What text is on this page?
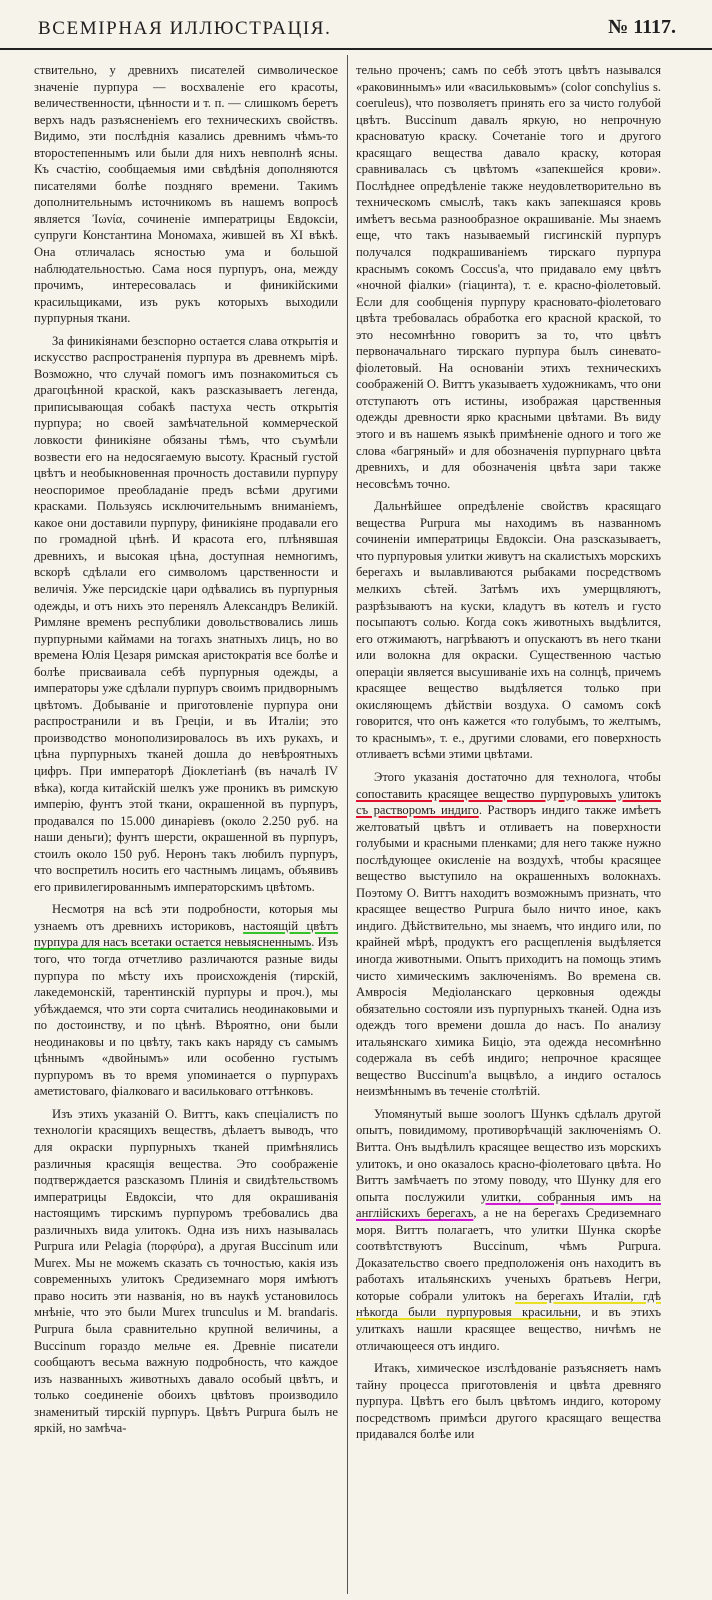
ВСЕМІРНАЯ ИЛЛЮСТРАЦІЯ.	№ 1117.

ствительно, у древнихъ писателей символическое значеніе пурпура — восхваленіе его красоты, величественности, цѣнности и т. п. — слишкомъ беретъ верхъ надъ разъясненіемъ его техническихъ свойствъ. Видимо, эти послѣднія казались древнимъ чѣмъ-то второстепеннымъ или были для нихъ невполнѣ ясны. Къ счастію, сообщаемыя ими свѣдѣнія дополняются писателями болѣе поздняго времени. Такимъ дополнительнымъ источникомъ въ нашемъ вопросѣ является Ἰωνία, сочиненіе императрицы Евдоксіи, супруги Константина Мономаха, жившей въ XI вѣкѣ. Она отличалась ясностью ума и большой наблюдательностью. Сама нося пурпуръ, она, между прочимъ, интересовалась и финикійскими красильщиками, изъ рукъ которыхъ выходили пурпурныя ткани.

За финикіянами безспорно остается слава открытія и искусство распространенія пурпура въ древнемъ мірѣ. Возможно, что случай помогъ имъ познакомиться съ драгоцѣнной краской, какъ разсказываетъ легенда, приписывающая собакѣ пастуха честь открытія пурпура; но своей замѣчательной коммерческой ловкости финикіяне обязаны тѣмъ, что съумѣли возвести его на недосягаемую высоту. Красный густой цвѣтъ и необыкновенная прочность доставили пурпуру неоспоримое преобладаніе предъ всѣми другими красками. Пользуясь исключительнымъ вниманіемъ, какое они доставили пурпуру, финикіяне продавали его по громадной цѣнѣ. И красота его, плѣнявшая древнихъ, и высокая цѣна, доступная немногимъ, вскорѣ сдѣлали его символомъ царственности и величія. Уже персидскіе цари одѣвались въ пурпурныя одежды, и отъ нихъ это перенялъ Александръ Великій. Римляне временъ республики довольствовались лишь пурпурными каймами на тогахъ знатныхъ лицъ, но во времена Юлія Цезаря римская аристократія все болѣе и болѣе присваивала себѣ пурпурныя одежды, а императоры уже сдѣлали пурпуръ своимъ придворнымъ цвѣтомъ. Добываніе и приготовленіе пурпура они распространили и въ Греціи, и въ Италіи; это производство монополизировалось въ ихъ рукахъ, и цѣна пурпурныхъ тканей дошла до невѣроятныхъ цифръ. При императорѣ Діоклетіанѣ (въ началѣ IV вѣка), когда китайскій шелкъ уже проникъ въ римскую имперію, фунтъ этой ткани, окрашенной въ пурпуръ, продавался по 15.000 динаріевъ (около 2.250 руб. на наши деньги); фунтъ шерсти, окрашенной въ пурпуръ, стоилъ около 150 руб. Неронъ такъ любилъ пурпуръ, что воспретилъ носить его частнымъ лицамъ, объявивъ его привилегированнымъ императорскимъ цвѣтомъ.

Несмотря на всѣ эти подробности, которыя мы узнаемъ отъ древнихъ историковъ, настоящій цвѣтъ пурпура для насъ всетаки остается невыясненнымъ. Изъ того, что тогда отчетливо различаются разные виды пурпура по мѣсту ихъ происхожденія (тирскій, лакедемонскій, тарентинскій пурпуры и проч.), мы убѣждаемся, что эти сорта считались неодинаковыми и по достоинству, и по цѣнѣ. Вѣроятно, они были неодинаковы и по цвѣту, такъ какъ наряду съ самымъ цѣннымъ «двойнымъ» или особенно густымъ пурпуромъ въ то время упоминается о пурпурахъ аметистоваго, фіалковаго и васильковаго оттѣнковъ.

Изъ этихъ указаній О. Виттъ, какъ спеціалистъ по технологіи красящихъ веществъ, дѣлаетъ выводъ, что для окраски пурпурныхъ тканей примѣнялись различныя красящія вещества. Это соображеніе подтверждается разсказомъ Плинія и свидѣтельствомъ императрицы Евдоксіи, что для окрашиванія настоящимъ тирскимъ пурпуромъ требовались два различныхъ вида улитокъ. Одна изъ нихъ называлась Purpura или Pelagia (πορφύρα), а другая Buccinum или Murex. Мы не можемъ сказать съ точностью, какія изъ современныхъ улитокъ Средиземнаго моря имѣютъ право носить эти названія, но въ наукѣ установилось мнѣніе, что это были Murex trunculus и M. brandaris. Purpura была сравнительно крупной величины, а Buccinum гораздо мельче ея. Древніе писатели сообщаютъ весьма важную подробность, что каждое изъ названныхъ животныхъ давало особый цвѣтъ, и только соединеніе обоихъ цвѣтовъ производило знаменитый тирскій пурпуръ. Цвѣтъ Purpura былъ не яркій, но замѣча-

тельно проченъ; самъ по себѣ этотъ цвѣтъ назывался «раковиннымъ» или «васильковымъ» (color conchylius s. coeruleus), что позволяетъ принять его за чисто голубой цвѣтъ. Buccinum давалъ яркую, но непрочную красноватую краску. Сочетаніе того и другого красящаго вещества давало краску, которая сравнивалась съ цвѣтомъ «запекшейся крови». Послѣднее опредѣленіе также неудовлетворительно въ техническомъ смыслѣ, такъ какъ запекшаяся кровь имѣетъ весьма разнообразное окрашиваніе. Мы знаемъ еще, что такъ называемый гисгинскій пурпуръ получался подкрашиваніемъ тирскаго пурпура краснымъ сокомъ Coccus'а, что придавало ему цвѣтъ «ночной фіалки» (гіацинта), т. е. красно-фіолетовый. Если для сообщенія пурпуру красновато-фіолетоваго цвѣта требовалась обработка его красной краской, то это несомнѣнно говоритъ за то, что цвѣтъ первоначальнаго тирскаго пурпура былъ синевато-фіолетовый. На основаніи этихъ техническихъ соображеній О. Виттъ указываетъ художникамъ, что они отступаютъ отъ истины, изображая царственныя одежды древности ярко красными цвѣтами. Въ виду этого и въ нашемъ языкѣ примѣненіе одного и того же слова «багряный» и для обозначенія пурпурнаго цвѣта древнихъ, и для обозначенія цвѣта зари также несовсѣмъ точно.

Дальнѣйшее опредѣленіе свойствъ красящаго вещества Purpura мы находимъ въ названномъ сочиненіи императрицы Евдоксіи. Она разсказываетъ, что пурпуровыя улитки живутъ на скалистыхъ морскихъ берегахъ и вылавливаются рыбаками посредствомъ мелкихъ сѣтей. Затѣмъ ихъ умерщвляютъ, разрѣзываютъ на куски, кладутъ въ котелъ и густо посыпаютъ солью. Когда сокъ животныхъ выдѣлится, его отжимаютъ, нагрѣваютъ и опускаютъ въ него ткани или волокна для окраски. Существенною частью операціи является высушиваніе ихъ на солнцѣ, причемъ красящее вещество выдѣляется только при окисляющемъ дѣйствіи воздуха. О самомъ сокѣ говорится, что онъ кажется «то голубымъ, то желтымъ, то краснымъ», т. е., другими словами, его поверхность отливаетъ всѣми этими цвѣтами.

Этого указанія достаточно для технолога, чтобы сопоставить красящее вещество пурпуровыхъ улитокъ съ растворомъ индиго. Растворъ индиго также имѣетъ желтоватый цвѣтъ и отливаетъ на поверхности голубыми и красными пленками; для него также нужно послѣдующее окисленіе на воздухѣ, чтобы красящее вещество выступило на окрашенныхъ волокнахъ. Поэтому О. Виттъ находитъ возможнымъ признать, что красящее вещество Purpura было ничто иное, какъ индиго. Дѣйствительно, мы знаемъ, что индиго или, по крайней мѣрѣ, продуктъ его расщепленія выдѣляется иногда животными. Опытъ приходитъ на помощь этимъ чисто химическимъ заключеніямъ. Во времена св. Амвросія Медіоланскаго церковныя одежды обязательно состояли изъ пурпурныхъ тканей. Одна изъ одеждъ того времени дошла до насъ. По анализу итальянскаго химика Бицio, эта одежда несомнѣнно содержала въ себѣ индиго; непрочное красящее вещество Buccinum'а выцвѣло, а индиго осталось неизмѣннымъ въ теченіе столѣтій.

Упомянутый выше зоологъ Шункъ сдѣлалъ другой опытъ, повидимому, противорѣчащій заключеніямъ О. Витта. Онъ выдѣлилъ красящее вещество изъ морскихъ улитокъ, и оно оказалось красно-фіолетоваго цвѣта. Но Виттъ замѣчаетъ по этому поводу, что Шунку для его опыта послужили улитки, собранныя имъ на англійскихъ берегахъ, а не на берегахъ Средиземнаго моря. Виттъ полагаетъ, что улитки Шунка скорѣе соотвѣтствуютъ Buccinum, чѣмъ Purpura. Доказательство своего предположенія онъ находитъ въ работахъ итальянскихъ ученыхъ братьевъ Негри, которые собрали улитокъ на берегахъ Италіи, гдѣ нѣкогда были пурпуровыя красильни, и въ этихъ улиткахъ нашли красящее вещество, ничѣмъ не отличающееся отъ индиго.

Итакъ, химическое изслѣдованіе разъясняетъ намъ тайну процесса приготовленія и цвѣта древняго пурпура. Цвѣтъ его былъ цвѣтомъ индиго, которому посредствомъ примѣси другого красящаго вещества придавался болѣе или
